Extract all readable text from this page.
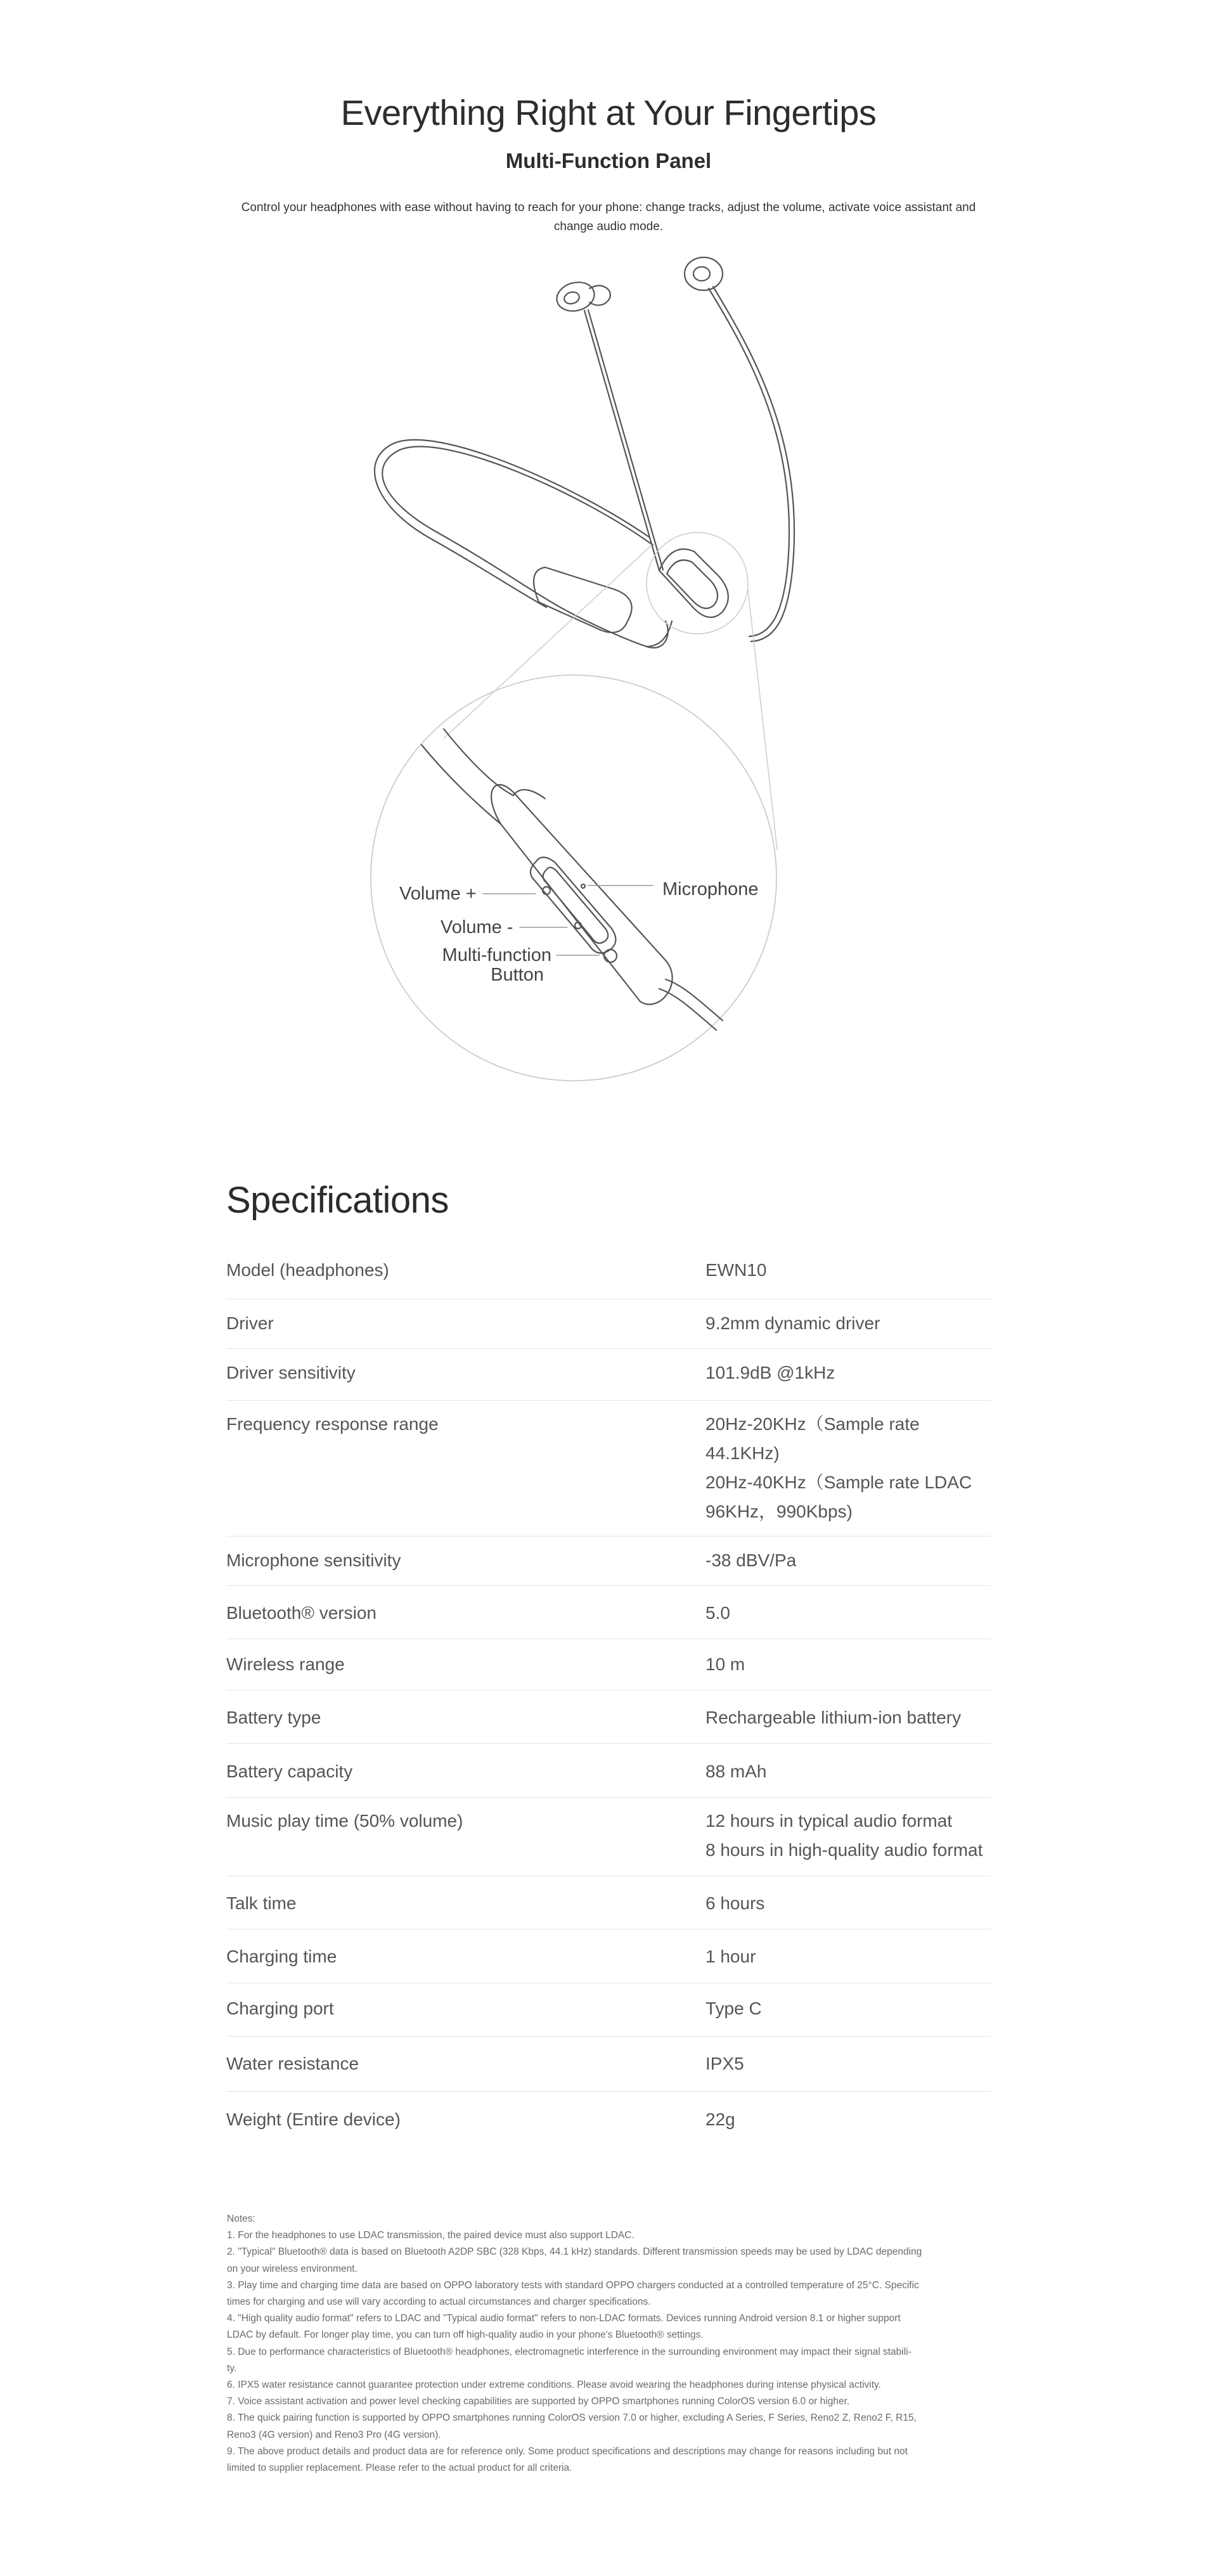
Everything Right at Your Fingertips
Multi-Function Panel

Control your headphones with ease without having to reach for your phone: change tracks, adjust the volume, activate voice assistant and change audio mode.

Volume +
Volume -
Multi-function
Button
Microphone
Specifications
Model (headphones)	EWN10
Driver	9.2mm dynamic driver
Driver sensitivity	101.9dB @1kHz
Frequency response range	20Hz-20KHz（Sample rate 44.1KHz)
20Hz-40KHz（Sample rate LDAC
96KHz，990Kbps)
Microphone sensitivity	-38 dBV/Pa
Bluetooth® version	5.0
Wireless range	10 m
Battery type	Rechargeable lithium-ion battery
Battery capacity	88 mAh
Music play time (50% volume)	12 hours in typical audio format
8 hours in high-quality audio format
Talk time	6 hours
Charging time	1 hour
Charging port	Type C
Water resistance	IPX5
Weight (Entire device)	22g
Notes:
1. For the headphones to use LDAC transmission, the paired device must also support LDAC.
2. "Typical" Bluetooth® data is based on Bluetooth A2DP SBC (328 Kbps, 44.1 kHz) standards. Different transmission speeds may be used by LDAC depending
on your wireless environment.
3. Play time and charging time data are based on OPPO laboratory tests with standard OPPO chargers conducted at a controlled temperature of 25°C. Specific
times for charging and use will vary according to actual circumstances and charger specifications.
4. "High quality audio format" refers to LDAC and "Typical audio format" refers to non-LDAC formats. Devices running Android version 8.1 or higher support
LDAC by default. For longer play time, you can turn off high-quality audio in your phone's Bluetooth® settings.
5. Due to performance characteristics of Bluetooth® headphones, electromagnetic interference in the surrounding environment may impact their signal stabili-
ty.
6. IPX5 water resistance cannot guarantee protection under extreme conditions. Please avoid wearing the headphones during intense physical activity.
7. Voice assistant activation and power level checking capabilities are supported by OPPO smartphones running ColorOS version 6.0 or higher.
8. The quick pairing function is supported by OPPO smartphones running ColorOS version 7.0 or higher, excluding A Series, F Series, Reno2 Z, Reno2 F, R15,
Reno3 (4G version) and Reno3 Pro (4G version).
9. The above product details and product data are for reference only. Some product specifications and descriptions may change for reasons including but not
limited to supplier replacement. Please refer to the actual product for all criteria.
